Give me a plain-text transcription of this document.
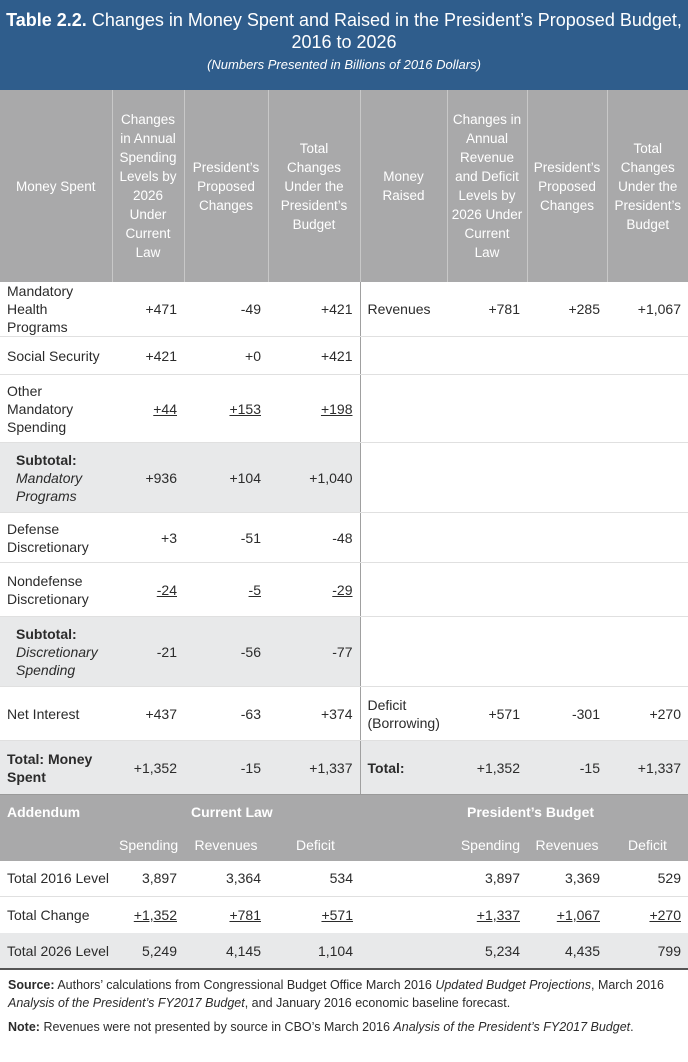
Table 2.2. Changes in Money Spent and Raised in the President’s Proposed Budget,
2016 to 2026
(Numbers Presented in Billions of 2016 Dollars)
Money Spent	Changes in Annual Spending Levels by 2026 Under Current Law	President’s Proposed Changes	Total Changes Under the President’s Budget	Money Raised	Changes in Annual Revenue and Deficit Levels by 2026 Under Current Law	President’s Proposed Changes	Total Changes Under the President’s Budget
Mandatory Health Programs	+471	-49	+421	Revenues	+781	+285	+1,067
Social Security	+421	+0	+421				
Other Mandatory Spending	+44	+153	+198				
Subtotal:
Mandatory Programs	+936	+104	+1,040				
Defense Discretionary	+3	-51	-48				
Nondefense Discretionary	-24	-5	-29				
Subtotal:
Discretionary Spending	-21	-56	-77				
Net Interest	+437	-63	+374	Deficit (Borrowing)	+571	-301	+270
Total: Money Spent	+1,352	-15	+1,337	Total:	+1,352	-15	+1,337
Addendum		Current Law			President’s Budget		
	Spending	Revenues	Deficit		Spending	Revenues	Deficit
Total 2016 Level	3,897	3,364	534		3,897	3,369	529
Total Change	+1,352	+781	+571		+1,337	+1,067	+270
Total 2026 Level	5,249	4,145	1,104		5,234	4,435	799

Source: Authors’ calculations from Congressional Budget Office March 2016 Updated Budget Projections, March 2016 Analysis of the President’s FY2017 Budget, and January 2016 economic baseline forecast.

Note: Revenues were not presented by source in CBO’s March 2016 Analysis of the President’s FY2017 Budget.
